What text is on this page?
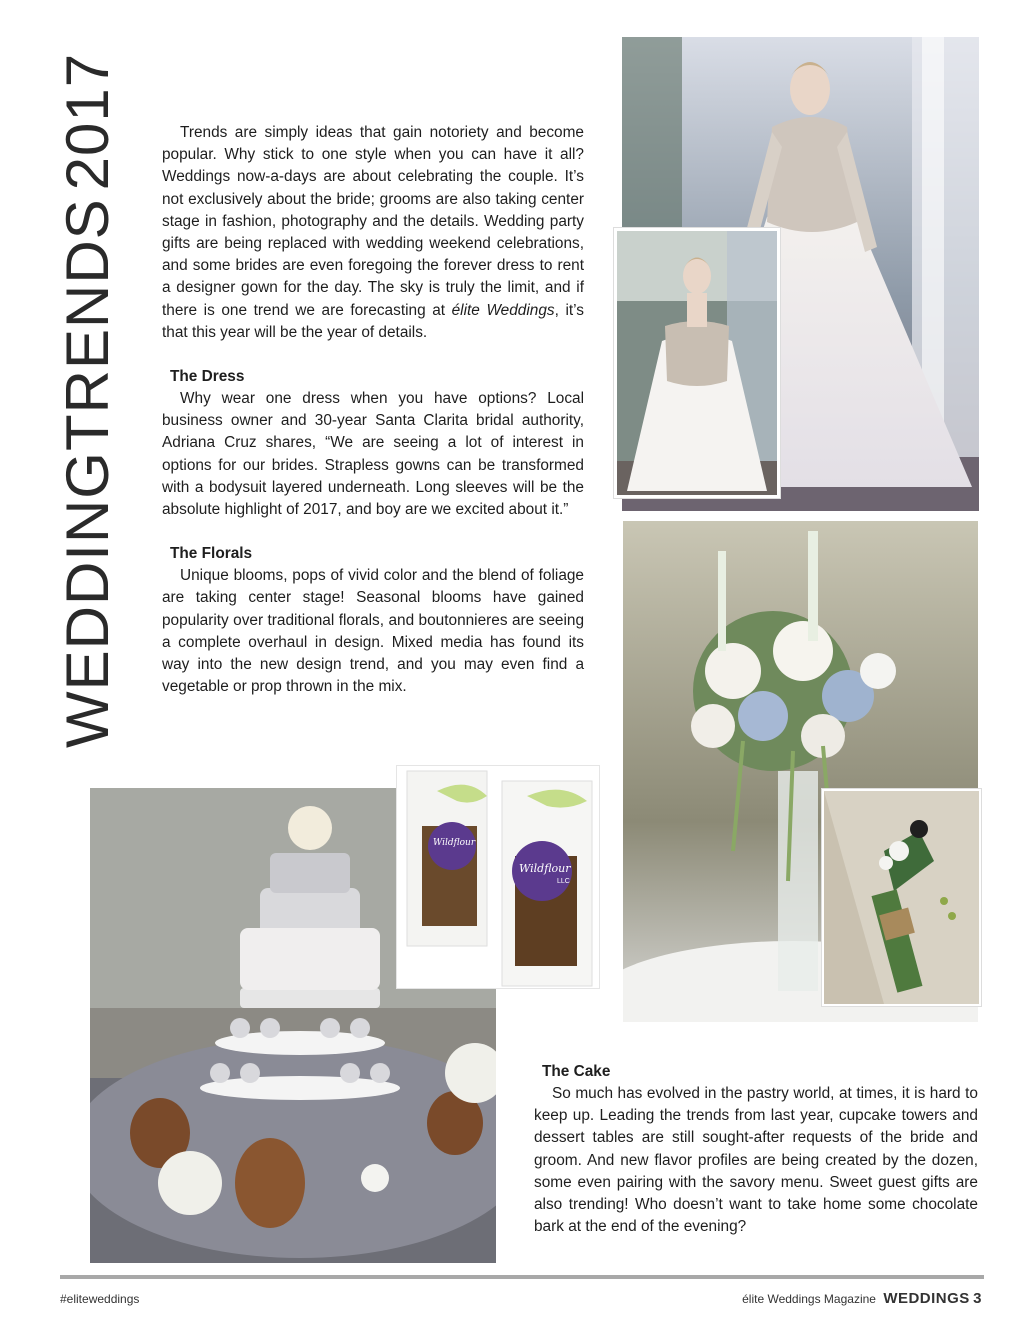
WEDDINGTRENDS2017	Trends are simply ideas that gain notoriety and become popular. Why stick to one style when you can have it all? Weddings now-a-days are about celebrating the couple. It’s not exclusively about the bride; grooms are also taking center stage in fashion, photography and the details. Wedding party gifts are being replaced with wedding weekend celebrations, and some brides are even foregoing the forever dress to rent a designer gown for the day. The sky is truly the limit, and if there is one trend we are forecasting at élite Weddings, it’s that this year will be the year of details.

The Dress

Why wear one dress when you have options? Local business owner and 30-year Santa Clarita bridal authority, Adriana Cruz shares, “We are seeing a lot of interest in options for our brides. Strapless gowns can be transformed with a bodysuit layered underneath. Long sleeves will be the absolute highlight of 2017, and boy are we excited about it.”

The Florals

Unique blooms, pops of vivid color and the blend of foliage are taking center stage! Seasonal blooms have gained popularity over traditional florals, and boutonnieres are seeing a complete overhaul in design. Mixed media has found its way into the new design trend, and you may even find a vegetable or prop thrown in the mix.

Wildflour
Wildflour
LLC

The Cake

So much has evolved in the pastry world, at times, it is hard to keep up. Leading the trends from last year, cupcake towers and dessert tables are still sought-after requests of the bride and groom. And new flavor profiles are being created by the dozen, some even pairing with the savory menu. Sweet guest gifts are also trending! Who doesn’t want to take home some chocolate bark at the end of the evening?

#eliteweddings	élite Weddings Magazine WEDDINGS 3
